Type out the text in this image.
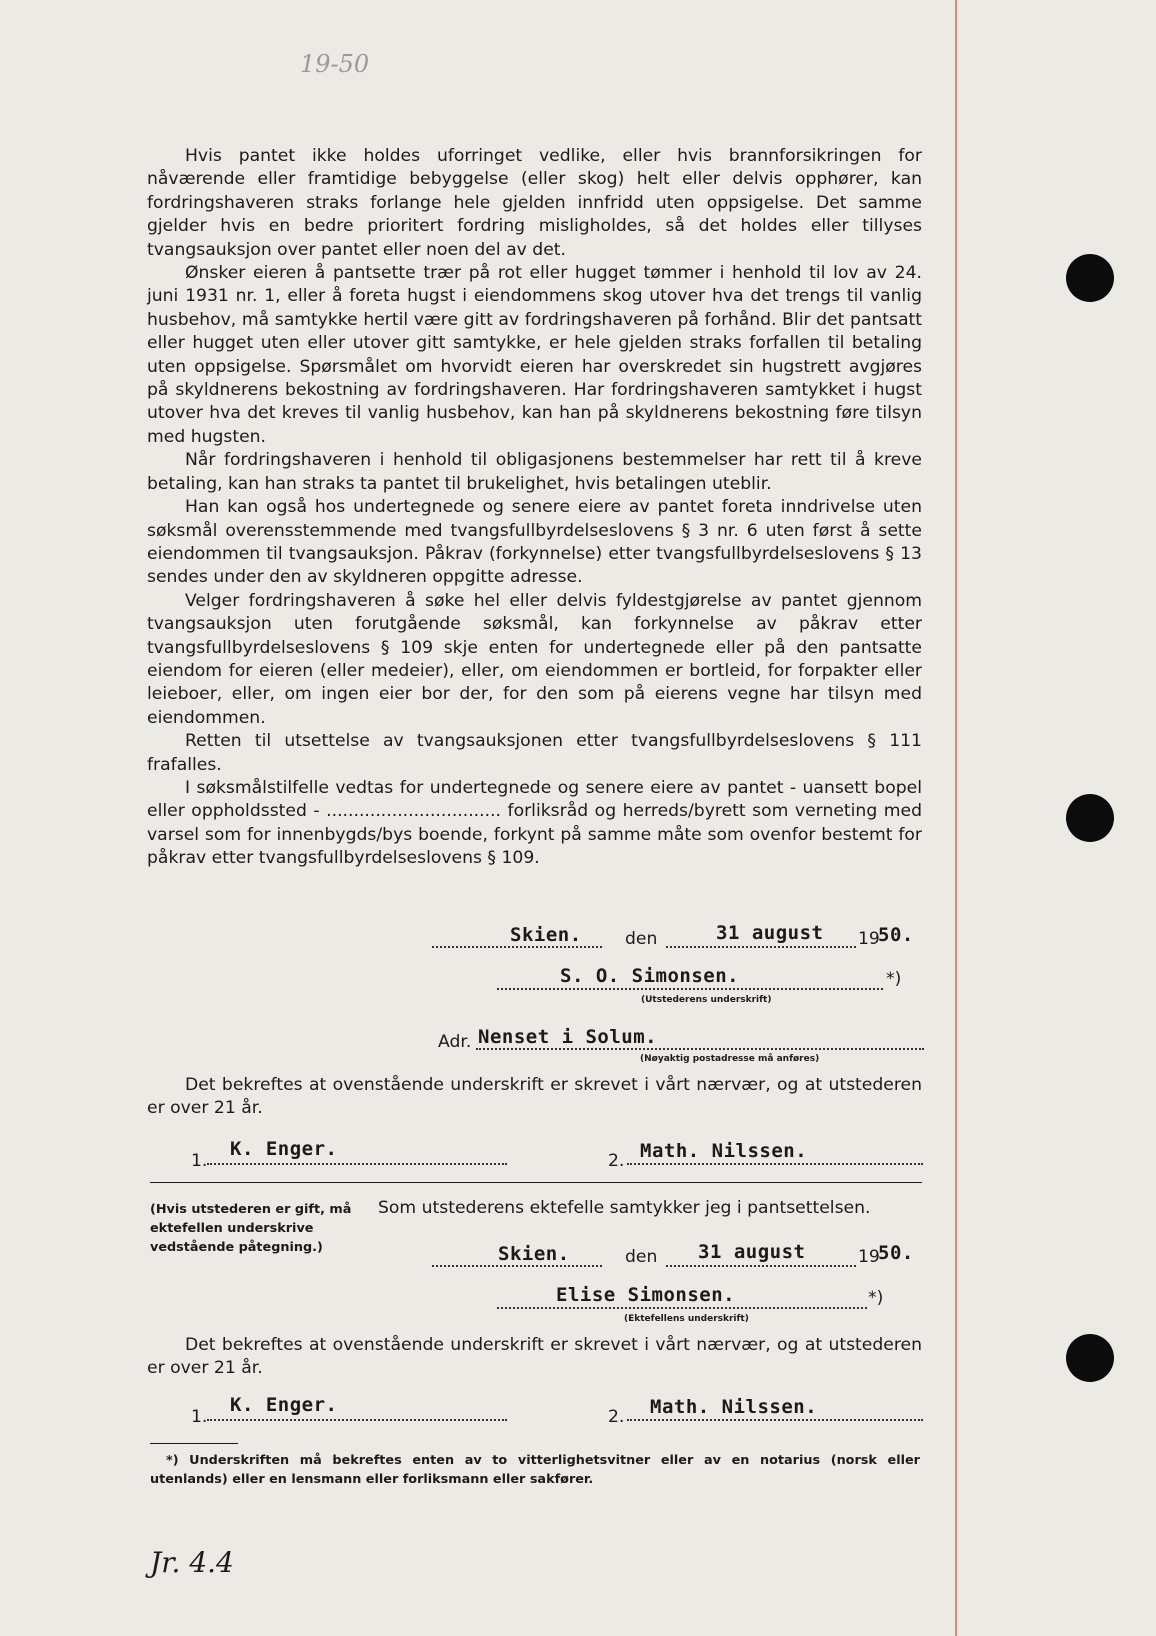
19-50

Hvis pantet ikke holdes uforringet vedlike, eller hvis brannforsikringen for nåværende eller framtidige bebyggelse (eller skog) helt eller delvis opphører, kan fordringshaveren straks forlange hele gjelden innfridd uten oppsigelse. Det samme gjelder hvis en bedre prioritert fordring misligholdes, så det holdes eller tillyses tvangsauksjon over pantet eller noen del av det.

Ønsker eieren å pantsette trær på rot eller hugget tømmer i henhold til lov av 24. juni 1931 nr. 1, eller å foreta hugst i eiendommens skog utover hva det trengs til vanlig husbehov, må samtykke hertil være gitt av fordringshaveren på forhånd. Blir det pantsatt eller hugget uten eller utover gitt samtykke, er hele gjelden straks forfallen til betaling uten oppsigelse. Spørsmålet om hvorvidt eieren har overskredet sin hugstrett avgjøres på skyldnerens bekostning av fordringshaveren. Har fordringshaveren samtykket i hugst utover hva det kreves til vanlig husbehov, kan han på skyldnerens bekostning føre tilsyn med hugsten.

Når fordringshaveren i henhold til obligasjonens bestemmelser har rett til å kreve betaling, kan han straks ta pantet til brukelighet, hvis betalingen uteblir.

Han kan også hos undertegnede og senere eiere av pantet foreta inndrivelse uten søksmål overensstemmende med tvangsfullbyrdelseslovens § 3 nr. 6 uten først å sette eiendommen til tvangsauksjon. Påkrav (forkynnelse) etter tvangsfullbyrdelseslovens § 13 sendes under den av skyldneren oppgitte adresse.

Velger fordringshaveren å søke hel eller delvis fyldestgjørelse av pantet gjennom tvangsauksjon uten forutgående søksmål, kan forkynnelse av påkrav etter tvangsfullbyrdelseslovens § 109 skje enten for undertegnede eller på den pantsatte eiendom for eieren (eller medeier), eller, om eiendommen er bortleid, for forpakter eller leieboer, eller, om ingen eier bor der, for den som på eierens vegne har tilsyn med eiendommen.

Retten til utsettelse av tvangsauksjonen etter tvangsfullbyrdelseslovens § 111 frafalles.

I søksmålstilfelle vedtas for undertegnede og senere eiere av pantet - uansett bopel eller oppholdssted - ................................ forliksråd og herreds/byrett som verneting med varsel som for innenbygds/bys boende, forkynt på samme måte som ovenfor bestemt for påkrav etter tvangsfullbyrdelseslovens § 109.

Skien.	den	31 august 19
50.
S. O. Simonsen.	*)
(Utstederens underskrift)
Adr. Nenset i Solum.
(Nøyaktig postadresse må anføres)

Det bekreftes at ovenstående underskrift er skrevet i vårt nærvær, og at utstederen er over 21 år.

1.
K. Enger.
2. Math. Nilssen.
(Hvis utstederen er gift, må ektefellen underskrive vedstående påtegning.)
Som utstederens ektefelle samtykker jeg i pantsettelsen.
Skien.	den 31 august	19
50.
Elise Simonsen.	*)
(Ektefellens underskrift)

Det bekreftes at ovenstående underskrift er skrevet i vårt nærvær, og at utstederen er over 21 år.

1.
K. Enger.
2. Math. Nilssen.
*) Underskriften må bekreftes enten av to vitterlighetsvitner eller av en notarius (norsk eller utenlands) eller en lensmann eller forliksmann eller sakfører.
Jr. 4.4
